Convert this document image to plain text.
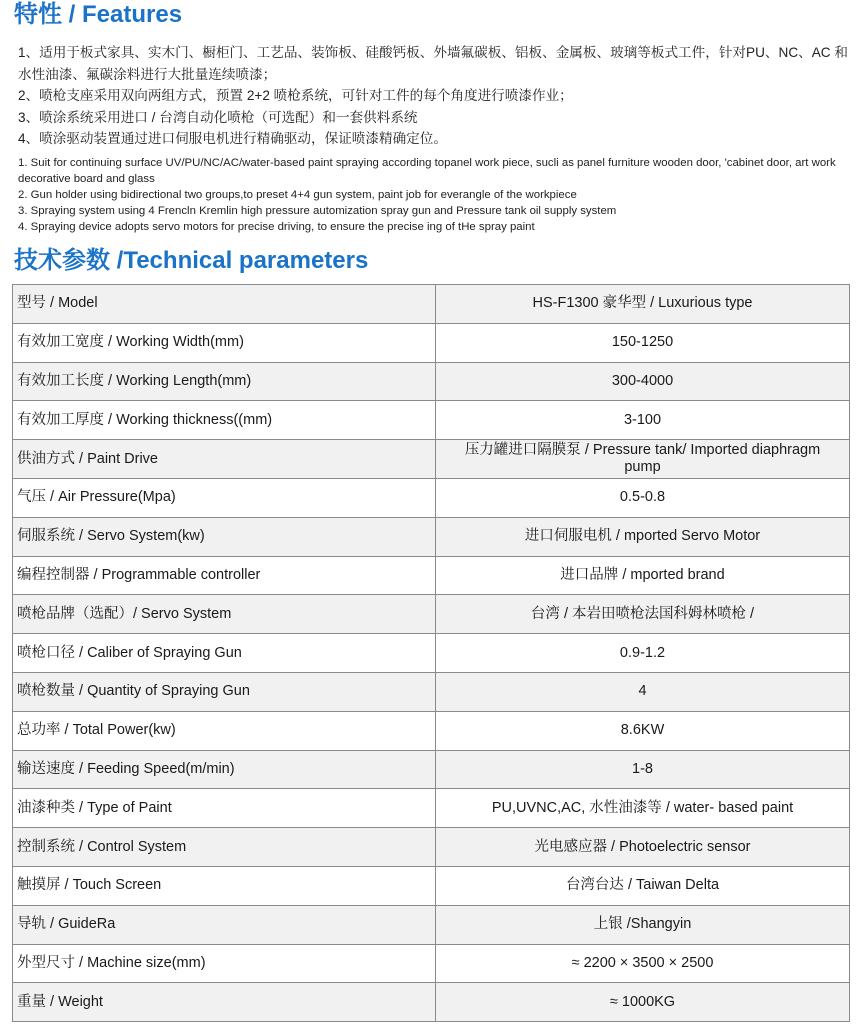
特性 / Features
1、适用于板式家具、实木门、橱柜门、工艺品、装饰板、硅酸钙板、外墙氟碳板、铝板、金属板、玻璃等板式工件，针对PU、NC、AC 和水性油漆、氟碳涂料进行大批量连续喷漆；
2、喷枪支座采用双向两组方式，预置 2+2 喷枪系统，可针对工件的每个角度进行喷漆作业；
3、喷涂系统采用进口 / 台湾自动化喷枪（可选配）和一套供料系统
4、喷涂驱动装置通过进口伺服电机进行精确驱动，保证喷漆精确定位。
1. Suit for continuing surface UV/PU/NC/AC/water-based paint spraying according topanel work piece, sucli as panel furniture wooden door, 'cabinet door, art work decorative board and glass
2. Gun holder using bidirectional two groups,to preset 4+4 gun system, paint job for everangle of the workpiece
3. Spraying system using 4 Frencln Kremlin high pressure automization spray gun and Pressure tank oil supply system
4. Spraying device adopts servo motors for precise driving, to ensure the precise ing of tHe spray paint
技术参数 /Technical parameters
型号 / Model	HS-F1300 豪华型 / Luxurious type
有效加工宽度 / Working Width(mm)	150-1250
有效加工长度 / Working Length(mm)	300-4000
有效加工厚度 / Working thickness((mm)	3-100
供油方式 / Paint Drive	压力罐进口隔膜泵 / Pressure tank/ Imported diaphragm pump
气压 / Air Pressure(Mpa)	0.5-0.8
伺服系统 / Servo System(kw)	进口伺服电机 / mported Servo Motor
编程控制器 / Programmable controller	进口品牌 / mported brand
喷枪品牌（选配）/ Servo System	台湾 / 本岩田喷枪法国科姆林喷枪 /
喷枪口径 / Caliber of Spraying Gun	0.9-1.2
喷枪数量 / Quantity of Spraying Gun	4
总功率 / Total Power(kw)	8.6KW
输送速度 / Feeding Speed(m/min)	1-8
油漆种类 / Type of Paint	PU,UVNC,AC, 水性油漆等 / water- based paint
控制系统 / Control System	光电感应器 / Photoelectric sensor
触摸屏 / Touch Screen	台湾台达 / Taiwan Delta
导轨 / GuideRa	上银 /Shangyin
外型尺寸 / Machine size(mm)	≈ 2200 × 3500 × 2500
重量 / Weight	≈ 1000KG
